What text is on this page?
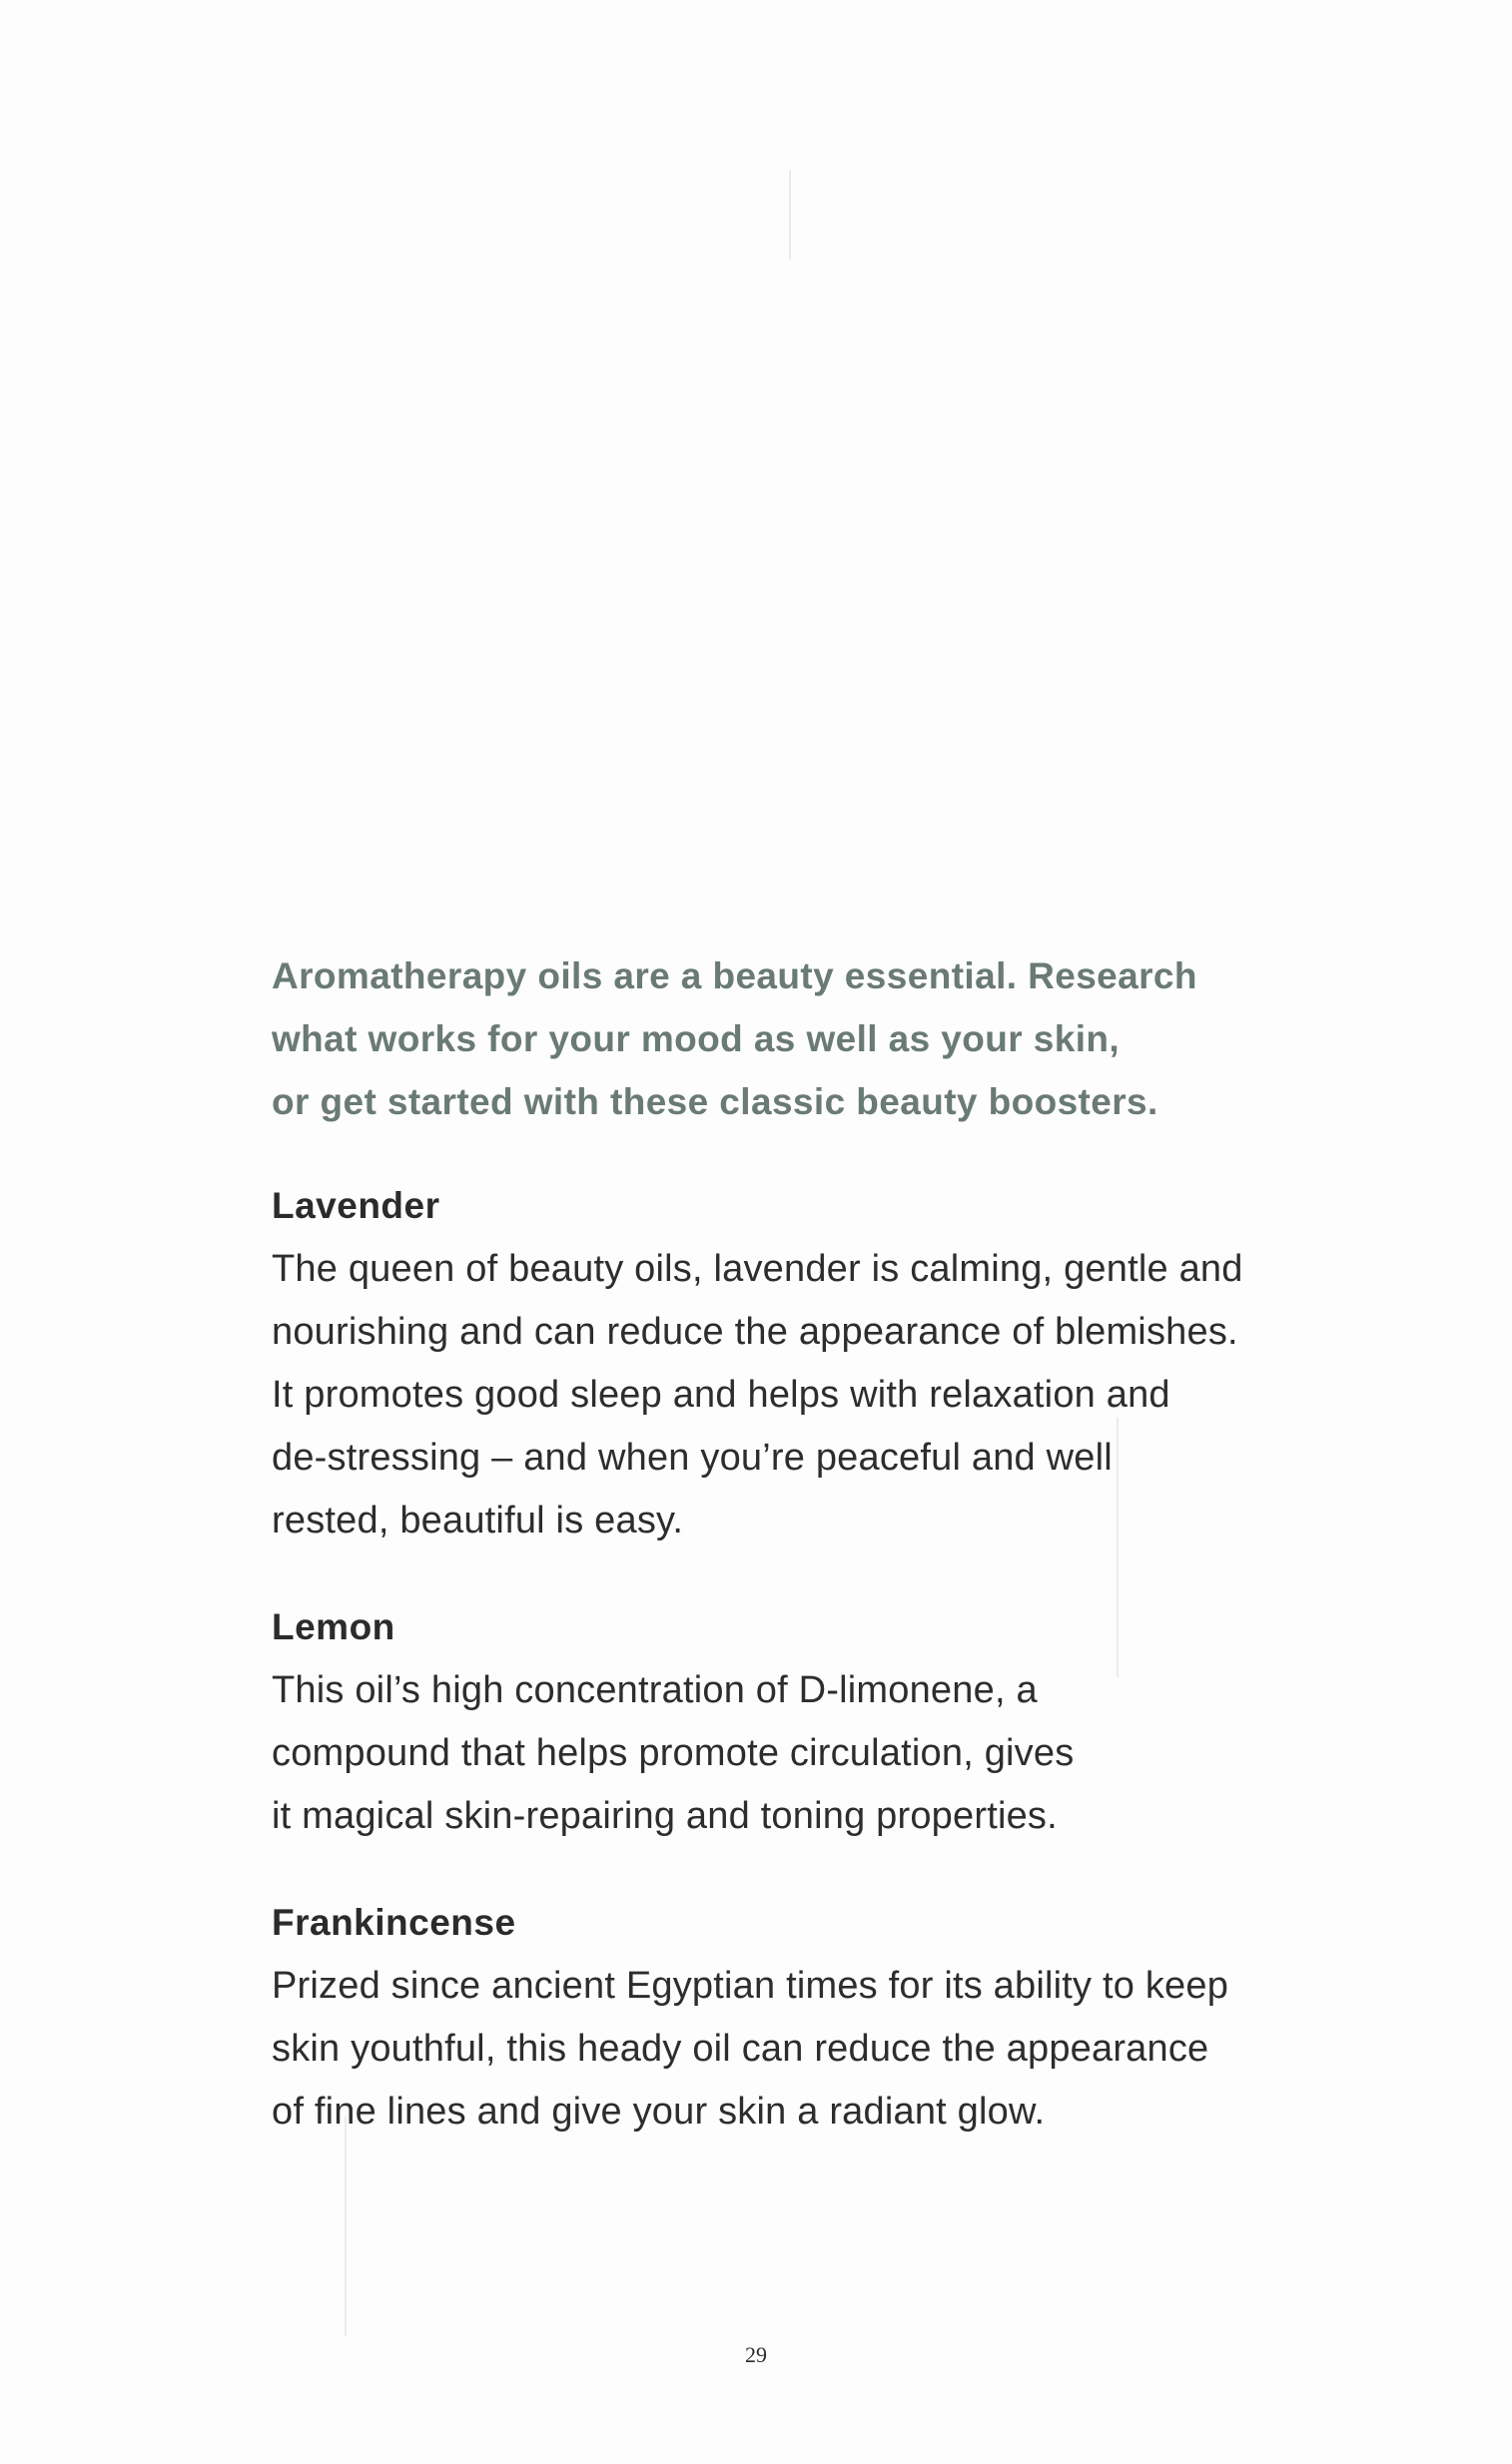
Aromatherapy oils are a beauty essential. Research
what works for your mood as well as your skin,
or get started with these classic beauty boosters.
Lavender
The queen of beauty oils, lavender is calming, gentle and
nourishing and can reduce the appearance of blemishes.
It promotes good sleep and helps with relaxation and
de-stressing – and when you’re peaceful and well
rested, beautiful is easy.
Lemon
This oil’s high concentration of D-limonene, a
compound that helps promote circulation, gives
it magical skin-repairing and toning properties.
Frankincense
Prized since ancient Egyptian times for its ability to keep
skin youthful, this heady oil can reduce the appearance
of fine lines and give your skin a radiant glow.
29
